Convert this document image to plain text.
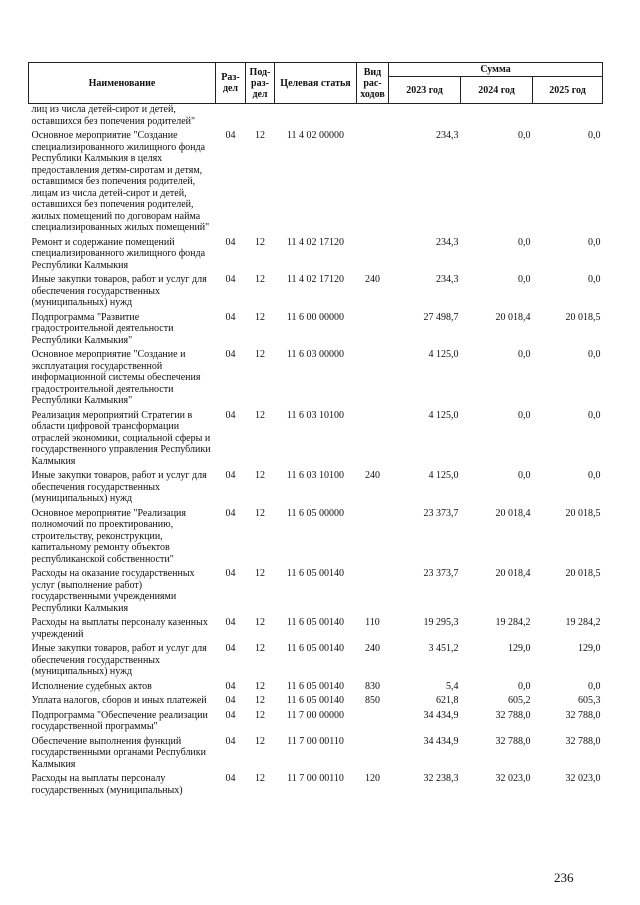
Наименование	Раз-дел	Под-раз-дел	Целевая статья	Вид рас-ходов	Сумма		
					2023 год	2024 год	2025 год
лиц из числа детей-сирот и детей, оставшихся без попечения родителей"							
Основное мероприятие "Создание специализированного жилищного фонда Республики Калмыкия в целях предоставления детям-сиротам и детям, оставшимся без попечения родителей, лицам из числа детей-сирот и детей, оставшихся без попечения родителей, жилых помещений по договорам найма специализированных жилых помещений"	04	12	11 4 02 00000		234,3	0,0	0,0
Ремонт и содержание помещений специализированного жилищного фонда Республики Калмыкия	04	12	11 4 02 17120		234,3	0,0	0,0
Иные закупки товаров, работ и услуг для обеспечения государственных (муниципальных) нужд	04	12	11 4 02 17120	240	234,3	0,0	0,0
Подпрограмма "Развитие градостроительной деятельности Республики Калмыкия"	04	12	11 6 00 00000		27 498,7	20 018,4	20 018,5
Основное мероприятие "Создание и эксплуатация государственной информационной системы обеспечения градостроительной деятельности Республики Калмыкия"	04	12	11 6 03 00000		4 125,0	0,0	0,0
Реализация мероприятий Стратегии в области цифровой трансформации отраслей экономики, социальной сферы и государственного управления Республики Калмыкия	04	12	11 6 03 10100		4 125,0	0,0	0,0
Иные закупки товаров, работ и услуг для обеспечения государственных (муниципальных) нужд	04	12	11 6 03 10100	240	4 125,0	0,0	0,0
Основное мероприятие "Реализация полномочий по проектированию, строительству, реконструкции, капитальному ремонту объектов республиканской собственности"	04	12	11 6 05 00000		23 373,7	20 018,4	20 018,5
Расходы на оказание государственных услуг (выполнение работ) государственными учреждениями Республики Калмыкия	04	12	11 6 05 00140		23 373,7	20 018,4	20 018,5
Расходы на выплаты персоналу казенных учреждений	04	12	11 6 05 00140	110	19 295,3	19 284,2	19 284,2
Иные закупки товаров, работ и услуг для обеспечения государственных (муниципальных) нужд	04	12	11 6 05 00140	240	3 451,2	129,0	129,0
Исполнение судебных актов	04	12	11 6 05 00140	830	5,4	0,0	0,0
Уплата налогов, сборов и иных платежей	04	12	11 6 05 00140	850	621,8	605,2	605,3
Подпрограмма "Обеспечение реализации государственной программы"	04	12	11 7 00 00000		34 434,9	32 788,0	32 788,0
Обеспечение выполнения функций государственными органами Республики Калмыкия	04	12	11 7 00 00110		34 434,9	32 788,0	32 788,0
Расходы на выплаты персоналу государственных (муниципальных)	04	12	11 7 00 00110	120	32 238,3	32 023,0	32 023,0
236
